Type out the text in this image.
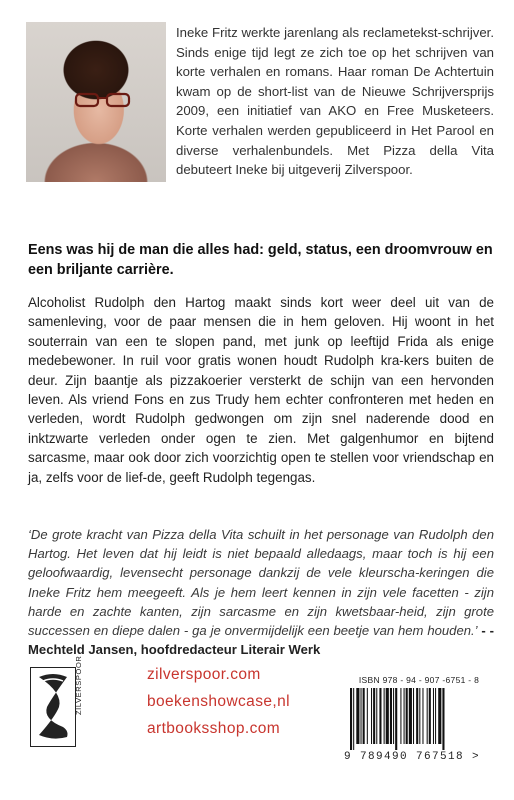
Ineke Fritz werkte jarenlang als reclametekst-schrijver. Sinds enige tijd legt ze zich toe op het schrijven van korte verhalen en romans. Haar roman De Achtertuin kwam op de short-list van de Nieuwe Schrijversprijs 2009, een initiatief van AKO en Free Musketeers. Korte verhalen werden gepubliceerd in Het Parool en diverse verhalenbundels. Met Pizza della Vita debuteert Ineke bij uitgeverij Zilverspoor.
Eens was hij de man die alles had: geld, status, een droomvrouw en een briljante carrière.
Alcoholist Rudolph den Hartog maakt sinds kort weer deel uit van de samenleving, voor de paar mensen die in hem geloven. Hij woont in het souterrain van een te slopen pand, met junk op leeftijd Frida als enige medebewoner. In ruil voor gratis wonen houdt Rudolph kra-kers buiten de deur. Zijn baantje als pizzakoerier versterkt de schijn van een hervonden leven. Als vriend Fons en zus Trudy hem echter confronteren met heden en verleden, wordt Rudolph gedwongen om zijn snel naderende dood en inktzwarte verleden onder ogen te zien. Met galgenhumor en bijtend sarcasme, maar ook door zich voorzichtig open te stellen voor vriendschap en ja, zelfs voor de lief-de, geeft Rudolph tegengas.
‘De grote kracht van Pizza della Vita schuilt in het personage van Rudolph den Hartog. Het leven dat hij leidt is niet bepaald alledaags, maar toch is hij een geloofwaardig, levensecht personage dankzij de vele kleurscha-keringen die Ineke Fritz hem meegeeft. Als je hem leert kennen in zijn vele facetten - zijn harde en zachte kanten, zijn sarcasme en zijn kwetsbaar-heid, zijn grote successen en diepe dalen - ga je onvermijdelijk een beetje van hem houden.’ - - Mechteld Jansen, hoofdredacteur Literair Werk
ZILVERSPOOR	zilverspoor.com
boekenshowcase,nl
artbooksshop.com
ISBN 978 - 94 - 907 -6751 - 8
9 789490 767518 >
